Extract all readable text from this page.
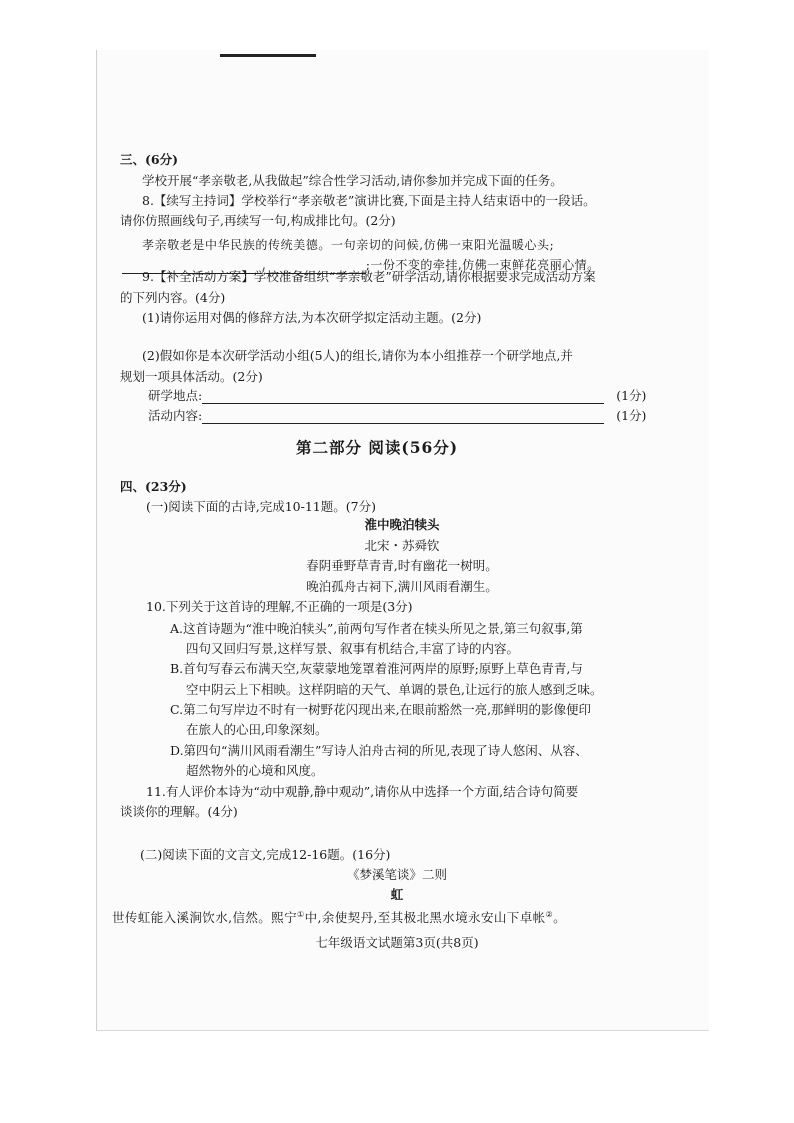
三、(6分)
学校开展“孝亲敬老,从我做起”综合性学习活动,请你参加并完成下面的任务。
8.【续写主持词】学校举行“孝亲敬老”演讲比赛,下面是主持人结束语中的一段话。
请你仿照画线句子,再续写一句,构成排比句。(2分)
孝亲敬老是中华民族的传统美德。一句亲切的问候,仿佛一束阳光温暖心头;
,	;一份不变的牵挂,仿佛一束鲜花亮丽心情。
9.【补全活动方案】学校准备组织“孝亲敬老”研学活动,请你根据要求完成活动方案
的下列内容。(4分)
(1)请你运用对偶的修辞方法,为本次研学拟定活动主题。(2分)
(2)假如你是本次研学活动小组(5人)的组长,请你为本小组推荐一个研学地点,并
规划一项具体活动。(2分)
研学地点:	(1分)
活动内容:	(1分)
第二部分 阅读(56分)
四、(23分)
(一)阅读下面的古诗,完成10-11题。(7分)
淮中晚泊犊头
北宋・苏舜钦
春阴垂野草青青,时有幽花一树明。
晚泊孤舟古祠下,满川风雨看潮生。
10.下列关于这首诗的理解,不正确的一项是(3分)
A.这首诗题为“淮中晚泊犊头”,前两句写作者在犊头所见之景,第三句叙事,第
四句又回归写景,这样写景、叙事有机结合,丰富了诗的内容。
B.首句写春云布满天空,灰蒙蒙地笼罩着淮河两岸的原野;原野上草色青青,与
空中阴云上下相映。这样阴暗的天气、单调的景色,让远行的旅人感到乏味。
C.第二句写岸边不时有一树野花闪现出来,在眼前豁然一亮,那鲜明的影像便印
在旅人的心田,印象深刻。
D.第四句“满川风雨看潮生”写诗人泊舟古祠的所见,表现了诗人悠闲、从容、
超然物外的心境和风度。
11.有人评价本诗为“动中观静,静中观动”,请你从中选择一个方面,结合诗句简要
谈谈你的理解。(4分)
(二)阅读下面的文言文,完成12-16题。(16分)
《梦溪笔谈》二则
虹
世传虹能入溪涧饮水,信然。熙宁①中,余使契丹,至其极北黑水境永安山下卓帐②。
七年级语文试题第3页(共8页)
